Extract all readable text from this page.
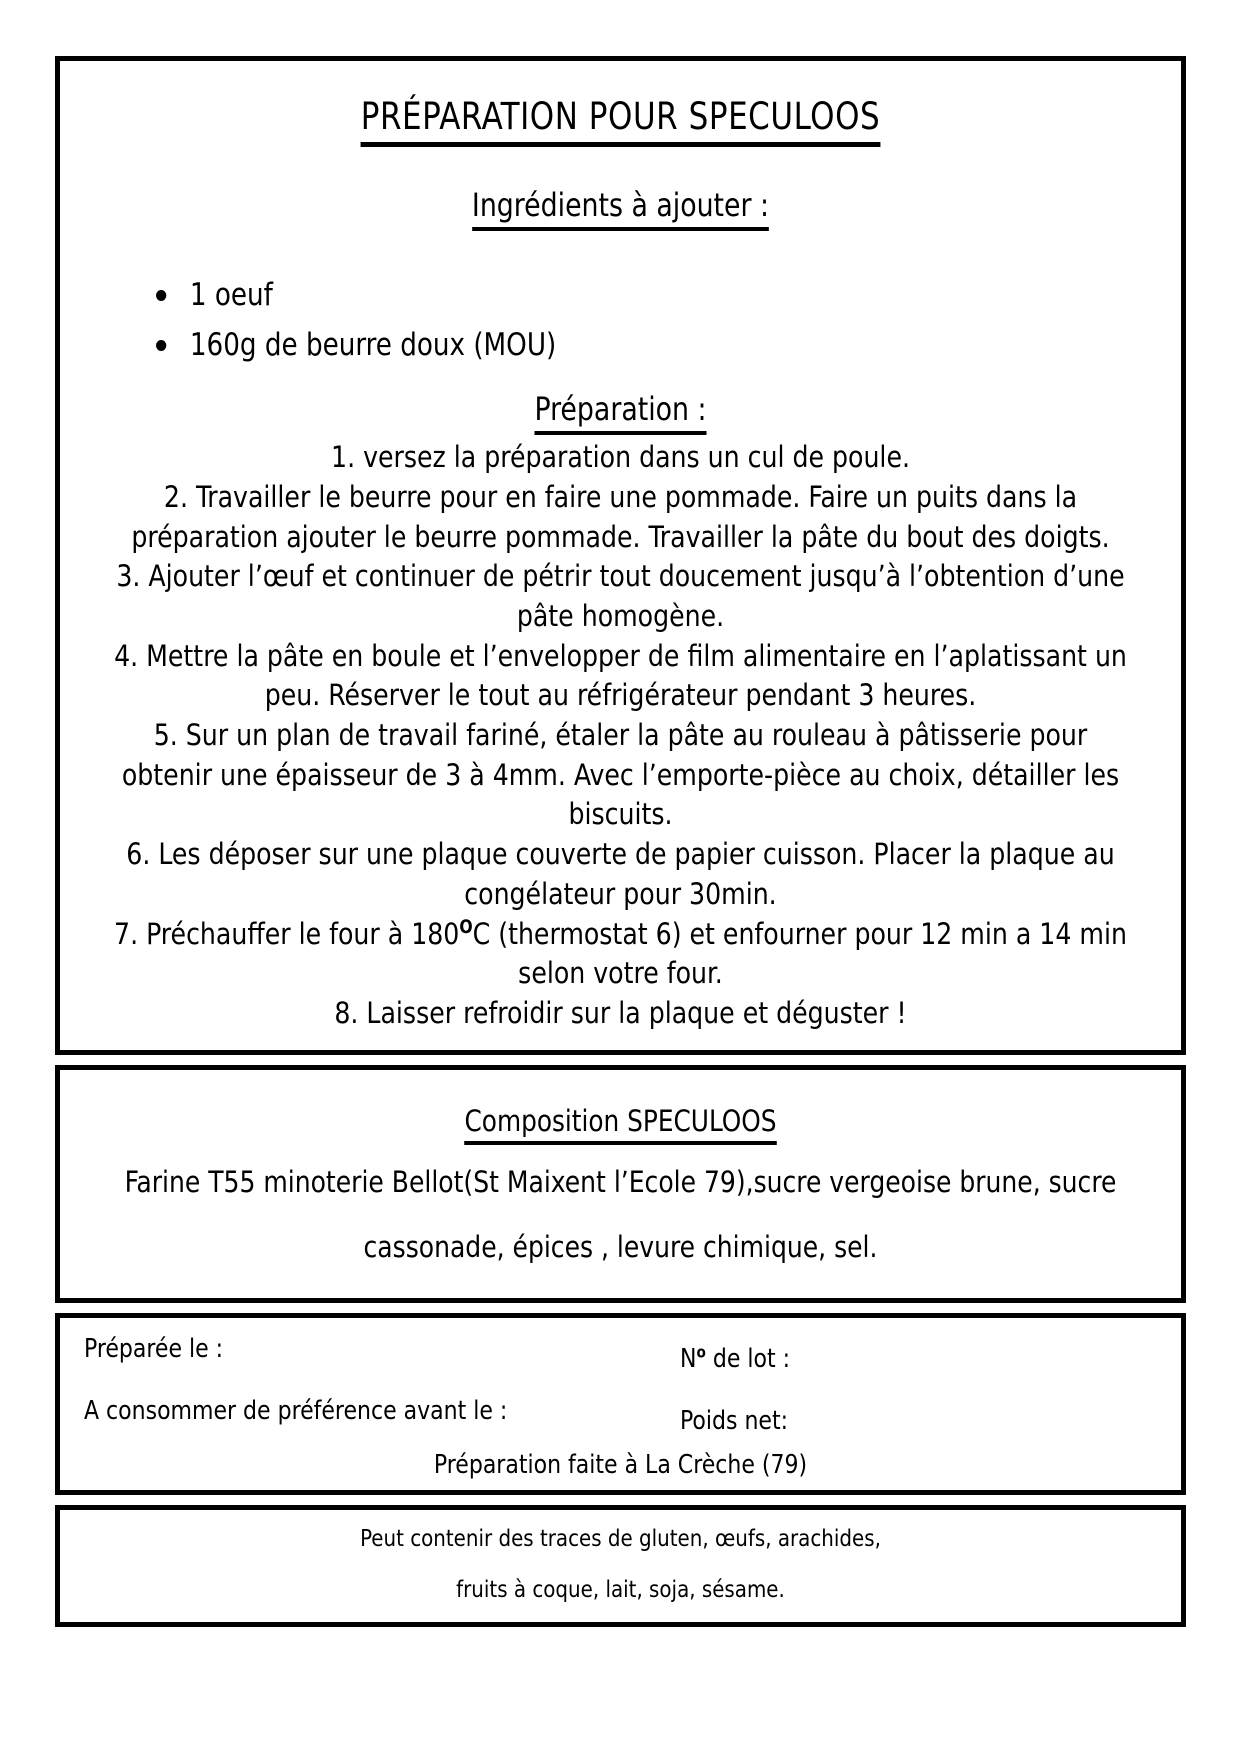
PRÉPARATION POUR SPECULOOS
Ingrédients à ajouter :
1 oeuf
160g de beurre doux (MOU)
Préparation :
versez la préparation dans un cul de poule.
Travailler le beurre pour en faire une pommade. Faire un puits dans la préparation ajouter le beurre pommade. Travailler la pâte du bout des doigts.
Ajouter l’œuf et continuer de pétrir tout doucement jusqu’à l’obtention d’une pâte homogène.
Mettre la pâte en boule et l’envelopper de film alimentaire en l’aplatissant un peu. Réserver le tout au réfrigérateur pendant 3 heures.
Sur un plan de travail fariné, étaler la pâte au rouleau à pâtisserie pour obtenir une épaisseur de 3 à 4mm. Avec l’emporte-pièce au choix, détailler les biscuits.
Les déposer sur une plaque couverte de papier cuisson. Placer la plaque au congélateur pour 30min.
Préchauffer le four à $180^OC$ (thermostat 6) et enfourner pour 12 min a 14 min selon votre four.
Laisser refroidir sur la plaque et déguster !
Composition SPECULOOS
Farine T55 minoterie Bellot(St Maixent l’Ecole 79),sucre vergeoise brune, sucre
cassonade, épices , levure chimique, sel.
Préparée le :	$N^o$ de lot :
A consommer de préférence avant le :	Poids net:
Préparation faite à La Crèche (79)
Peut contenir des traces de gluten, œufs, arachides,
fruits à coque, lait, soja, sésame.
